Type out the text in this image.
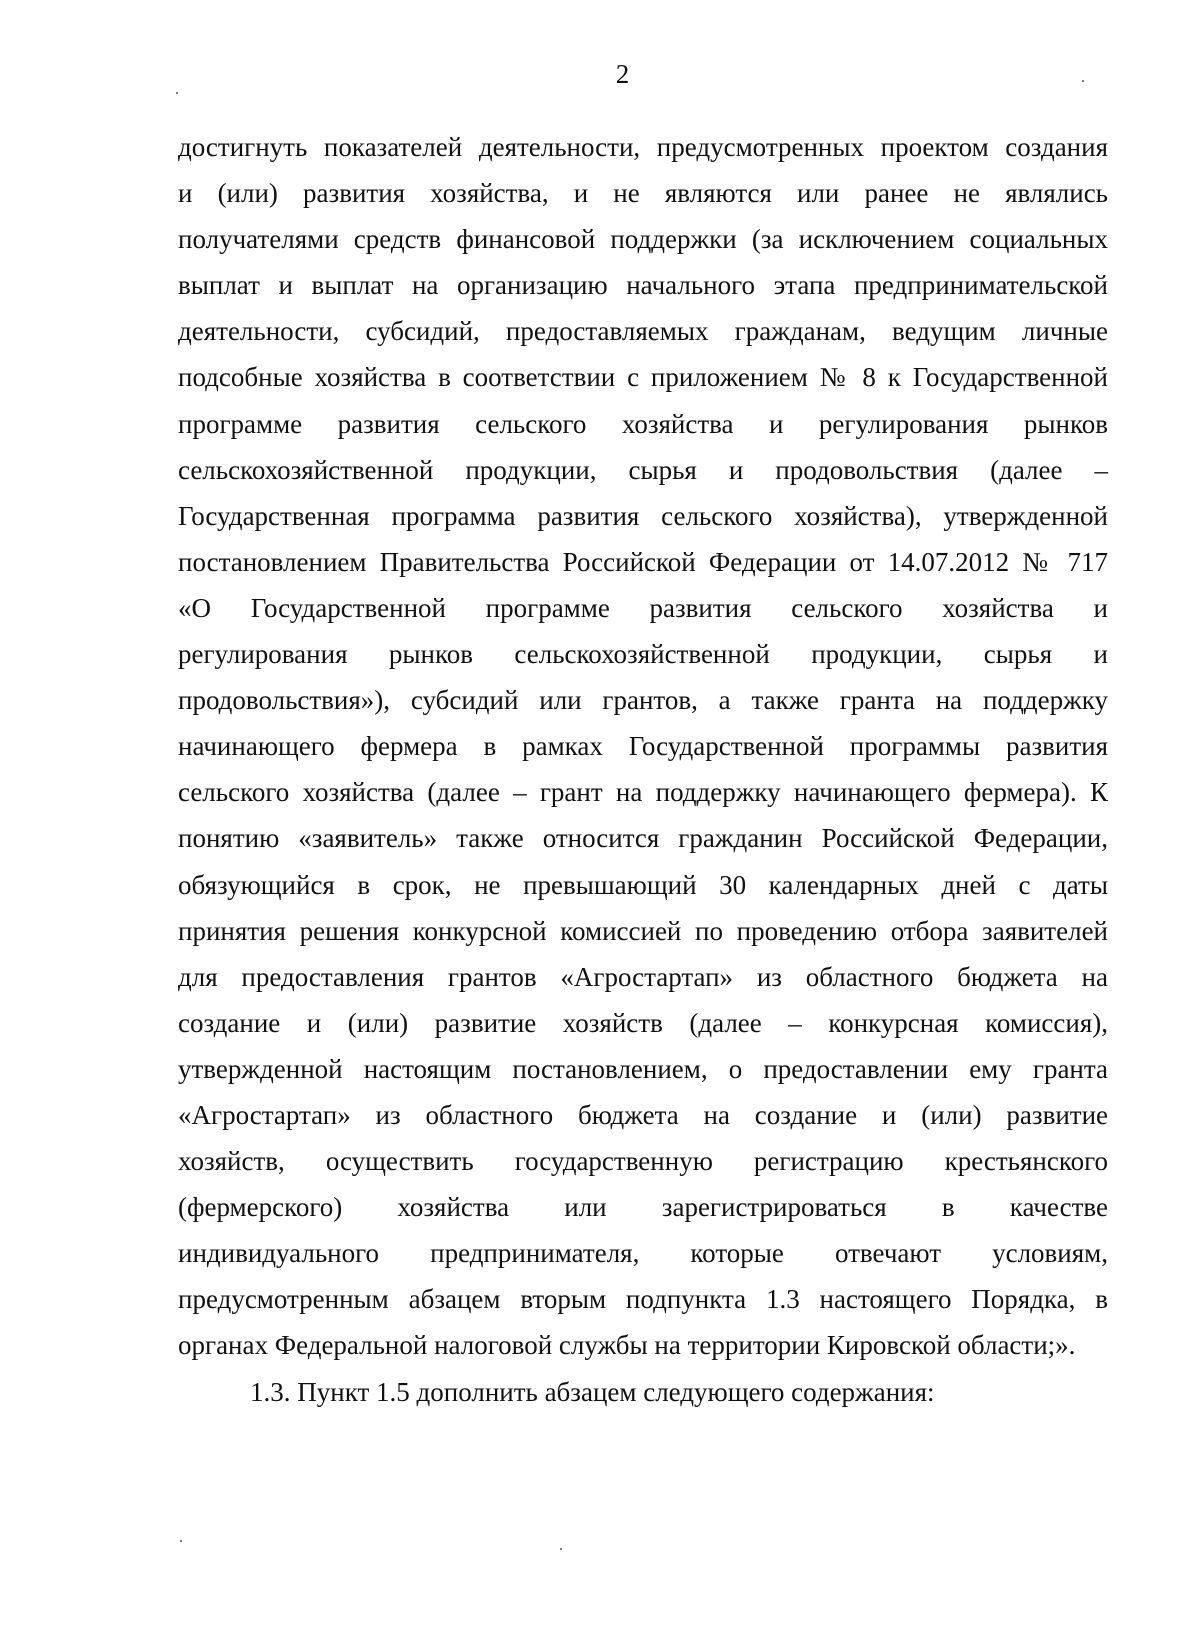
2

достигнуть показателей деятельности, предусмотренных проектом создания
и (или) развития хозяйства, и не являются или ранее не являлись
получателями средств финансовой поддержки (за исключением социальных
выплат и выплат на организацию начального этапа предпринимательской
деятельности, субсидий, предоставляемых гражданам, ведущим личные
подсобные хозяйства в соответствии с приложением № 8 к Государственной
программе развития сельского хозяйства и регулирования рынков
сельскохозяйственной продукции, сырья и продовольствия (далее –
Государственная программа развития сельского хозяйства), утвержденной
постановлением Правительства Российской Федерации от 14.07.2012 № 717
«О Государственной программе развития сельского хозяйства и
регулирования рынков сельскохозяйственной продукции, сырья и
продовольствия»), субсидий или грантов, а также гранта на поддержку
начинающего фермера в рамках Государственной программы развития
сельского хозяйства (далее – грант на поддержку начинающего фермера). К
понятию «заявитель» также относится гражданин Российской Федерации,
обязующийся в срок, не превышающий 30 календарных дней с даты
принятия решения конкурсной комиссией по проведению отбора заявителей
для предоставления грантов «Агростартап» из областного бюджета на
создание и (или) развитие хозяйств (далее – конкурсная комиссия),
утвержденной настоящим постановлением, о предоставлении ему гранта
«Агростартап» из областного бюджета на создание и (или) развитие
хозяйств, осуществить государственную регистрацию крестьянского
(фермерского) хозяйства или зарегистрироваться в качестве
индивидуального предпринимателя, которые отвечают условиям,
предусмотренным абзацем вторым подпункта 1.3 настоящего Порядка, в
органах Федеральной налоговой службы на территории Кировской области;».

1.3. Пункт 1.5 дополнить абзацем следующего содержания:
